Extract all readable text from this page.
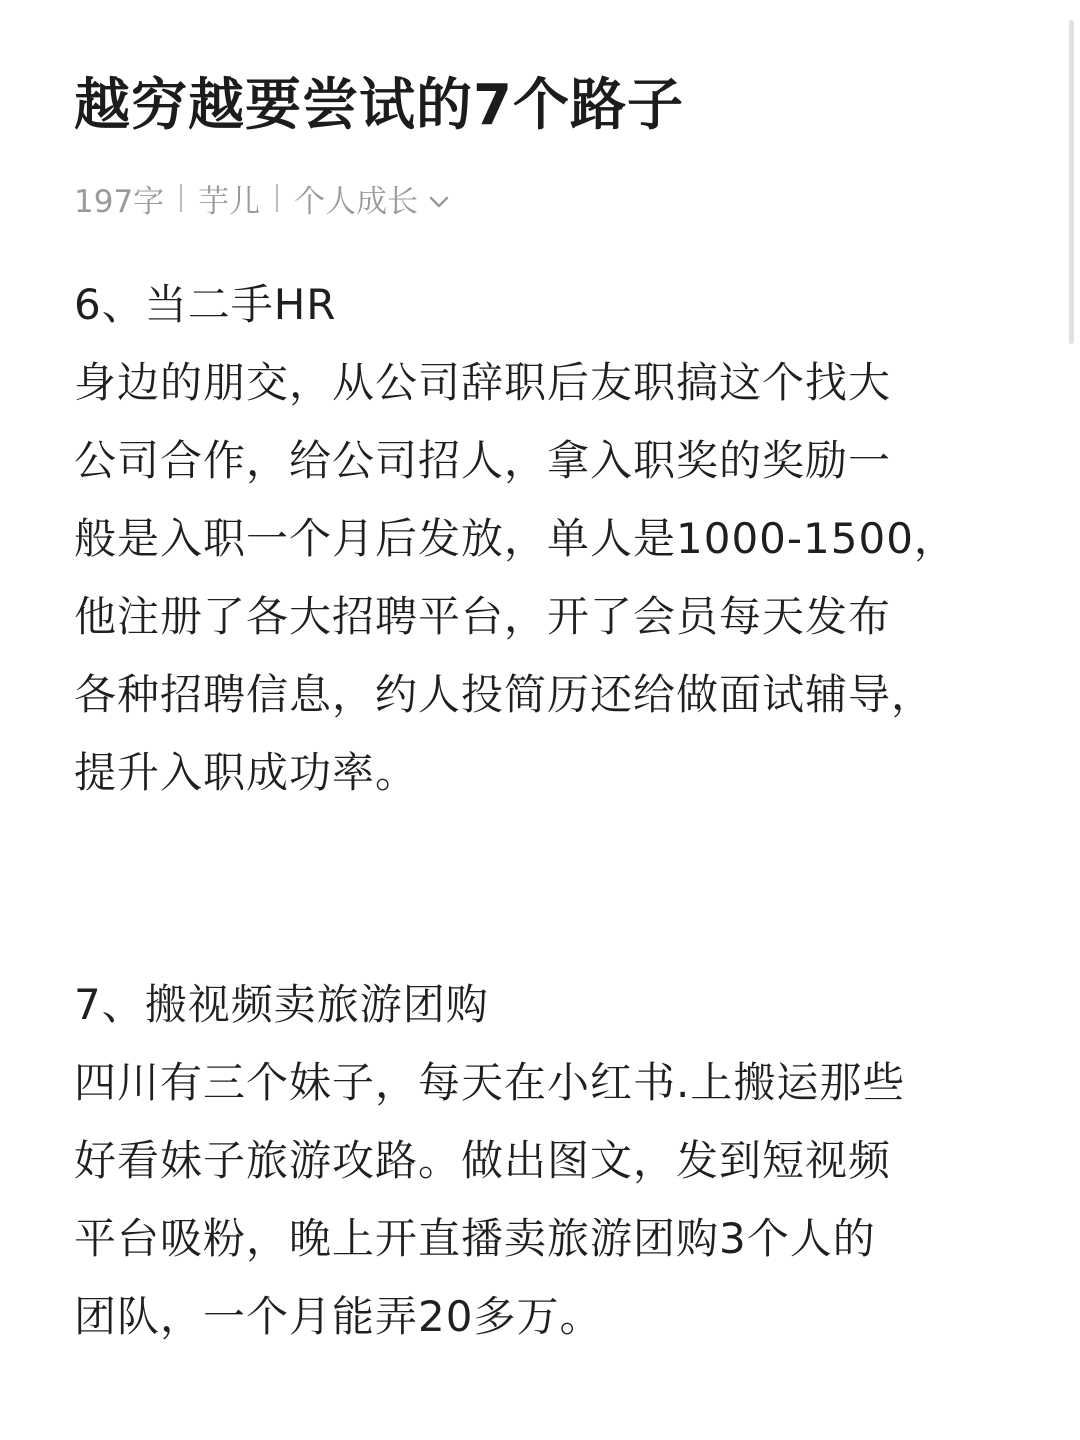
越穷越要尝试的7个路子
197字 芋儿 个人成长
6、当二手HR
身边的朋交，从公司辞职后友职搞这个找大
公司合作，给公司招人，拿入职奖的奖励一
般是入职一个月后发放，单人是1000-1500，
他注册了各大招聘平台，开了会员每天发布
各种招聘信息，约人投简历还给做面试辅导，
提升入职成功率。
7、搬视频卖旅游团购
四川有三个妹子，每天在小红书.上搬运那些
好看妹子旅游攻路。做出图文，发到短视频
平台吸粉，晚上开直播卖旅游团购3个人的
团队，一个月能弄20多万。
